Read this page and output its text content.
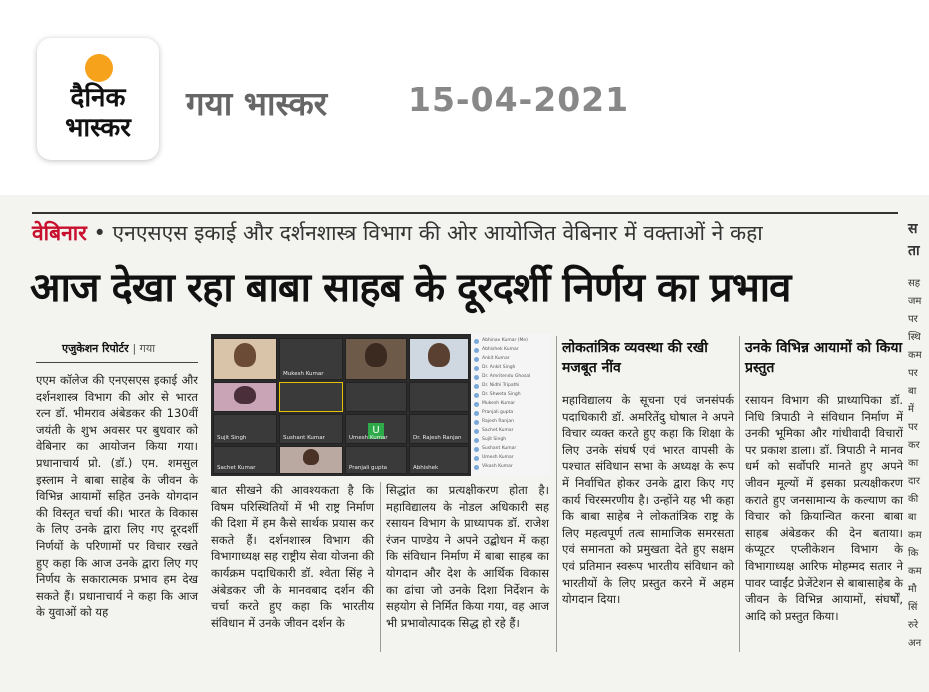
दैनिक
भास्कर
गया भास्कर 15-04-2021
वेबिनार • एनएसएस इकाई और दर्शनशास्त्र विभाग की ओर आयोजित वेबिनार में वक्ताओं ने कहा
आज देखा रहा बाबा साहब के दूरदर्शी निर्णय का प्रभाव
एजुकेशन रिपोर्टर | गया

एएम कॉलेज की एनएसएस इकाई और दर्शनशास्त्र विभाग की ओर से भारत रत्न डॉ. भीमराव अंबेडकर की 130वीं जयंती के शुभ अवसर पर बुधवार को वेबिनार का आयोजन किया गया। प्रधानाचार्य प्रो. (डॉ.) एम. शमसुल इस्लाम ने बाबा साहेब के जीवन के विभिन्न आयामों सहित उनके योगदान की विस्तृत चर्चा की। भारत के विकास के लिए उनके द्वारा लिए गए दूरदर्शी निर्णयों के परिणामों पर विचार रखते हुए कहा कि आज उनके द्वारा लिए गए निर्णय के सकारात्मक प्रभाव हम देख सकते हैं। प्रधानाचार्य ने कहा कि आज के युवाओं को यह

Mukesh Kumar
Sujit Singh	Sushant Kumar
U
Umesh Kumar	Dr. Rajesh Ranjan
Sachet Kumar	Pranjali gupta	Abhishek
Abhinav Kumar (Me)
Abhishek Kumar
Ankit Kumar
Dr. Ankit Singh
Dr. Amritendu Ghosal
Dr. Nidhi Tripathi
Dr. Shweta Singh
Mukesh Kumar
Pranjali gupta
Rajesh Ranjan
Sachet Kumar
Sujit Singh
Sushant Kumar
Umesh Kumar
Vikash Kumar

बात सीखने की आवश्यकता है कि विषम परिस्थितियों में भी राष्ट्र निर्माण की दिशा में हम कैसे सार्थक प्रयास कर सकते हैं। दर्शनशास्त्र विभाग की विभागाध्यक्ष सह राष्ट्रीय सेवा योजना की कार्यक्रम पदाधिकारी डॉ. श्वेता सिंह ने अंबेडकर जी के मानवबाद दर्शन की चर्चा करते हुए कहा कि भारतीय संविधान में उनके जीवन दर्शन के

सिद्धांत का प्रत्यक्षीकरण होता है। महाविद्यालय के नोडल अधिकारी सह रसायन विभाग के प्राध्यापक डॉ. राजेश रंजन पाण्डेय ने अपने उद्बोधन में कहा कि संविधान निर्माण में बाबा साहब का योगदान और देश के आर्थिक विकास का ढांचा जो उनके दिशा निर्देशन के सहयोग से निर्मित किया गया, वह आज भी प्रभावोत्पादक सिद्ध हो रहे हैं।

लोकतांत्रिक व्यवस्था की रखी मजबूत नींव

महाविद्यालय के सूचना एवं जनसंपर्क पदाधिकारी डॉ. अमरितेंदु घोषाल ने अपने विचार व्यक्त करते हुए कहा कि शिक्षा के लिए उनके संघर्ष एवं भारत वापसी के पश्चात संविधान सभा के अध्यक्ष के रूप में निर्वाचित होकर उनके द्वारा किए गए कार्य चिरस्मरणीय है। उन्होंने यह भी कहा कि बाबा साहेब ने लोकतांत्रिक राष्ट्र के लिए महत्वपूर्ण तत्व सामाजिक समरसता एवं समानता को प्रमुखता देते हुए सक्षम एवं प्रतिमान स्वरूप भारतीय संविधान को भारतीयों के लिए प्रस्तुत करने में अहम योगदान दिया।

उनके विभिन्न आयामों को किया प्रस्तुत

रसायन विभाग की प्राध्यापिका डॉ. निधि त्रिपाठी ने संविधान निर्माण में उनकी भूमिका और गांधीवादी विचारों पर प्रकाश डाला। डॉ. त्रिपाठी ने मानव धर्म को सर्वोपरि मानते हुए अपने जीवन मूल्यों में इसका प्रत्यक्षीकरण कराते हुए जनसामान्य के कल्याण का विचार को क्रियान्वित करना बाबा साहब अंबेडकर की देन बताया। कंप्यूटर एप्लीकेशन विभाग के विभागाध्यक्ष आरिफ मोहम्मद सतार ने पावर प्वाईंट प्रेजेंटेशन से बाबासाहेब के जीवन के विभिन्न आयामों, संघर्षों, आदि को प्रस्तुत किया।

स
ता
सह
जम
पर
स्थि
कम
पर
बा
में
पर
कर
का
दार
की
बा
कम
कि
कम
मौ
सिं
रुरे
अन
